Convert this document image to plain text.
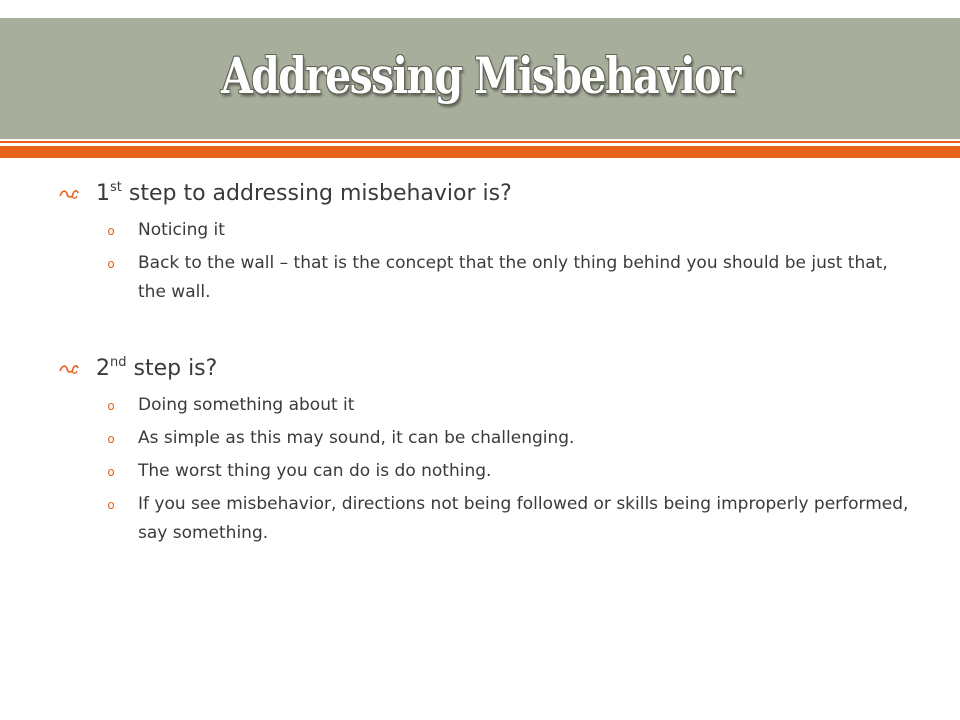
Addressing Misbehavior
1st step to addressing misbehavior is?
o Noticing it
o Back to the wall – that is the concept that the only thing behind you should be just that, the wall.
2nd step is?
o Doing something about it
o As simple as this may sound, it can be challenging.
o The worst thing you can do is do nothing.
o If you see misbehavior, directions not being followed or skills being improperly performed, say something.
